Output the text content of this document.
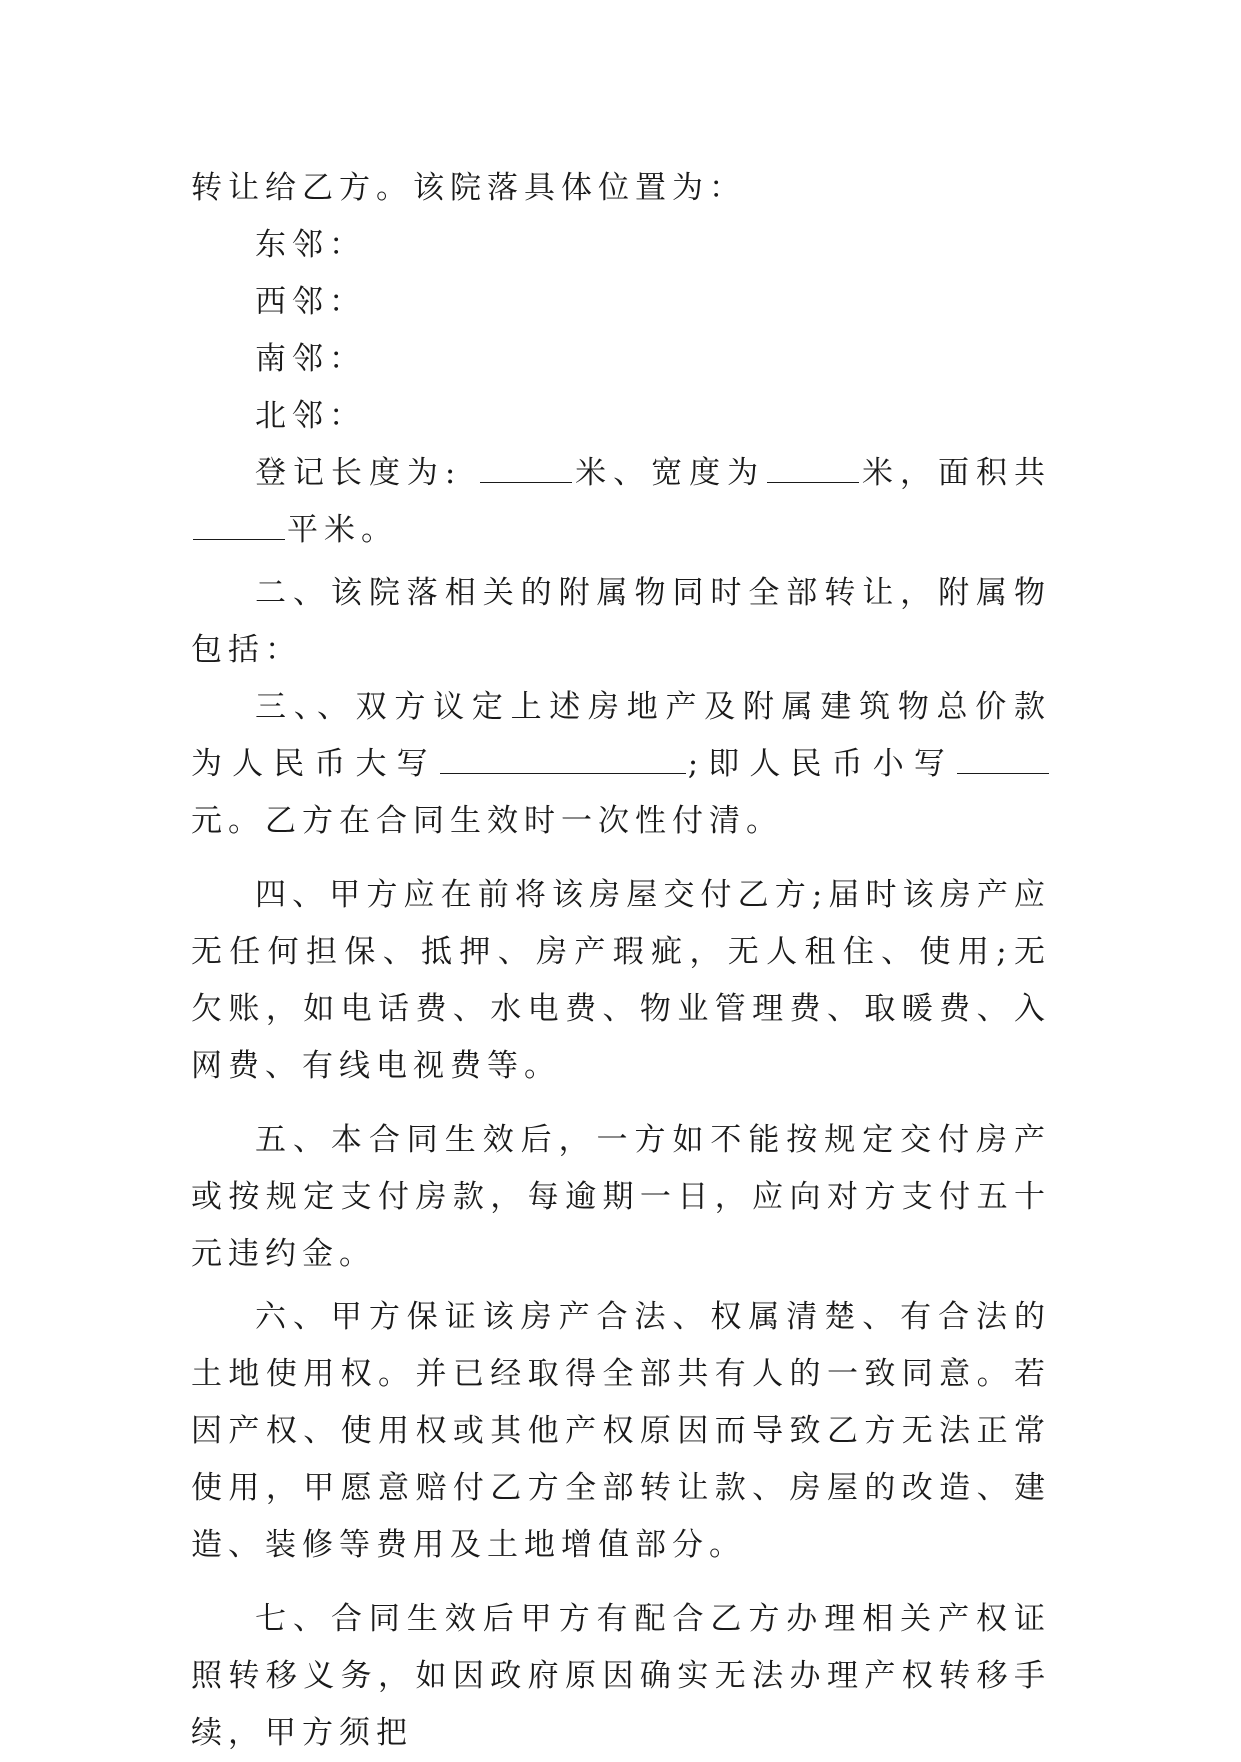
转让给乙方。该院落具体位置为：

东邻：

西邻：

南邻：

北邻：

登记长度为:	米、宽度为	米，面积共平米。

二、该院落相关的附属物同时全部转让，附属物包括：

三、、双方议定上述房地产及附属建筑物总价款为人民币大写	;即人民币小写元。乙方在合同生效时一次性付清。

四、甲方应在前将该房屋交付乙方;届时该房产应无任何担保、抵押、房产瑕疵，无人租住、使用;无欠账，如电话费、水电费、物业管理费、取暖费、入网费、有线电视费等。

五、本合同生效后，一方如不能按规定交付房产或按规定支付房款，每逾期一日，应向对方支付五十元违约金。

六、甲方保证该房产合法、权属清楚、有合法的土地使用权。并已经取得全部共有人的一致同意。若因产权、使用权或其他产权原因而导致乙方无法正常使用，甲愿意赔付乙方全部转让款、房屋的改造、建造、装修等费用及土地增值部分。

七、合同生效后甲方有配合乙方办理相关产权证照转移义务，如因政府原因确实无法办理产权转移手续，甲方须把
